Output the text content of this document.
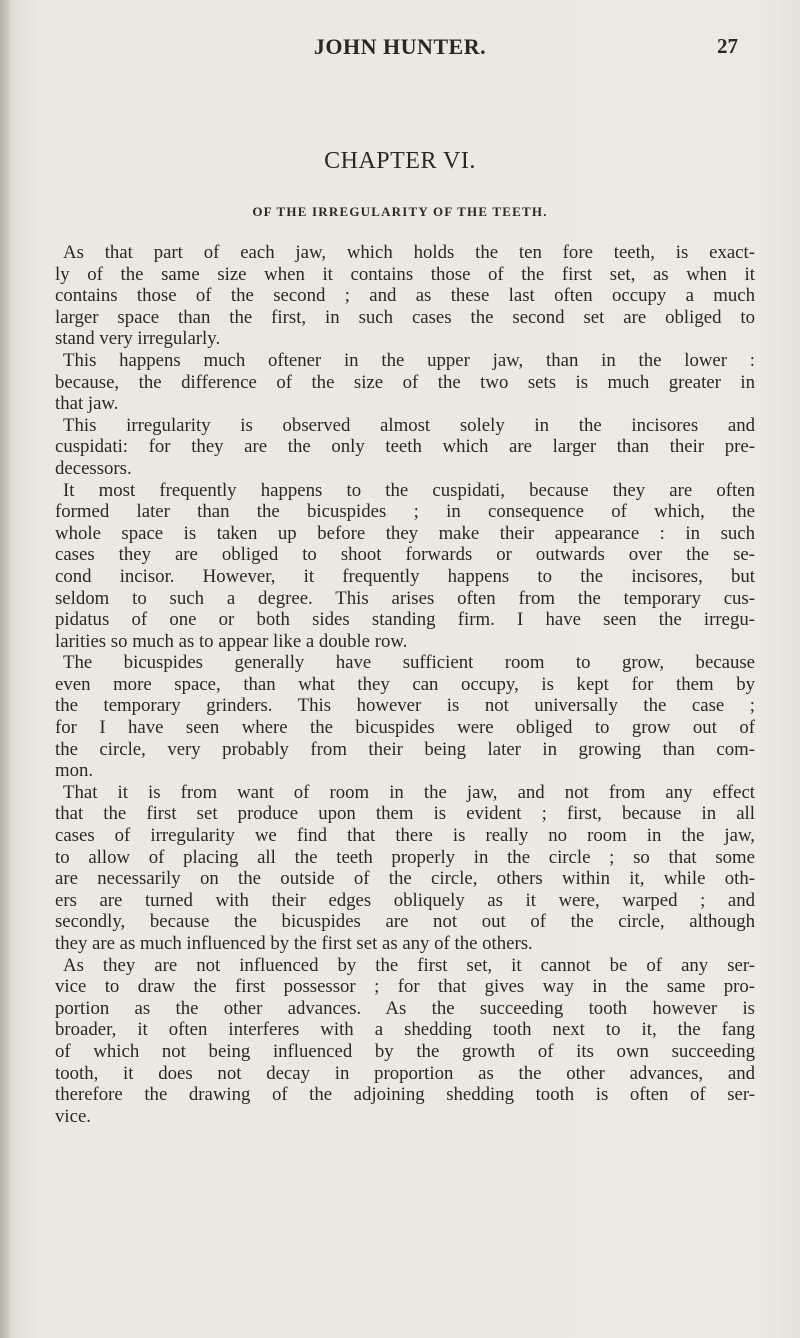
JOHN HUNTER.	27
CHAPTER VI.
OF THE IRREGULARITY OF THE TEETH.
As that part of each jaw, which holds the ten fore teeth, is exact-
ly of the same size when it contains those of the first set, as when it
contains those of the second ; and as these last often occupy a much
larger space than the first, in such cases the second set are obliged to
stand very irregularly.
This happens much oftener in the upper jaw, than in the lower :
because, the difference of the size of the two sets is much greater in
that jaw.
This irregularity is observed almost solely in the incisores and
cuspidati: for they are the only teeth which are larger than their pre-
decessors.
It most frequently happens to the cuspidati, because they are often
formed later than the bicuspides ; in consequence of which, the
whole space is taken up before they make their appearance : in such
cases they are obliged to shoot forwards or outwards over the se-
cond incisor. However, it frequently happens to the incisores, but
seldom to such a degree. This arises often from the temporary cus-
pidatus of one or both sides standing firm. I have seen the irregu-
larities so much as to appear like a double row.
The bicuspides generally have sufficient room to grow, because
even more space, than what they can occupy, is kept for them by
the temporary grinders. This however is not universally the case ;
for I have seen where the bicuspides were obliged to grow out of
the circle, very probably from their being later in growing than com-
mon.
That it is from want of room in the jaw, and not from any effect
that the first set produce upon them is evident ; first, because in all
cases of irregularity we find that there is really no room in the jaw,
to allow of placing all the teeth properly in the circle ; so that some
are necessarily on the outside of the circle, others within it, while oth-
ers are turned with their edges obliquely as it were, warped ; and
secondly, because the bicuspides are not out of the circle, although
they are as much influenced by the first set as any of the others.
As they are not influenced by the first set, it cannot be of any ser-
vice to draw the first possessor ; for that gives way in the same pro-
portion as the other advances. As the succeeding tooth however is
broader, it often interferes with a shedding tooth next to it, the fang
of which not being influenced by the growth of its own succeeding
tooth, it does not decay in proportion as the other advances, and
therefore the drawing of the adjoining shedding tooth is often of ser-
vice.
